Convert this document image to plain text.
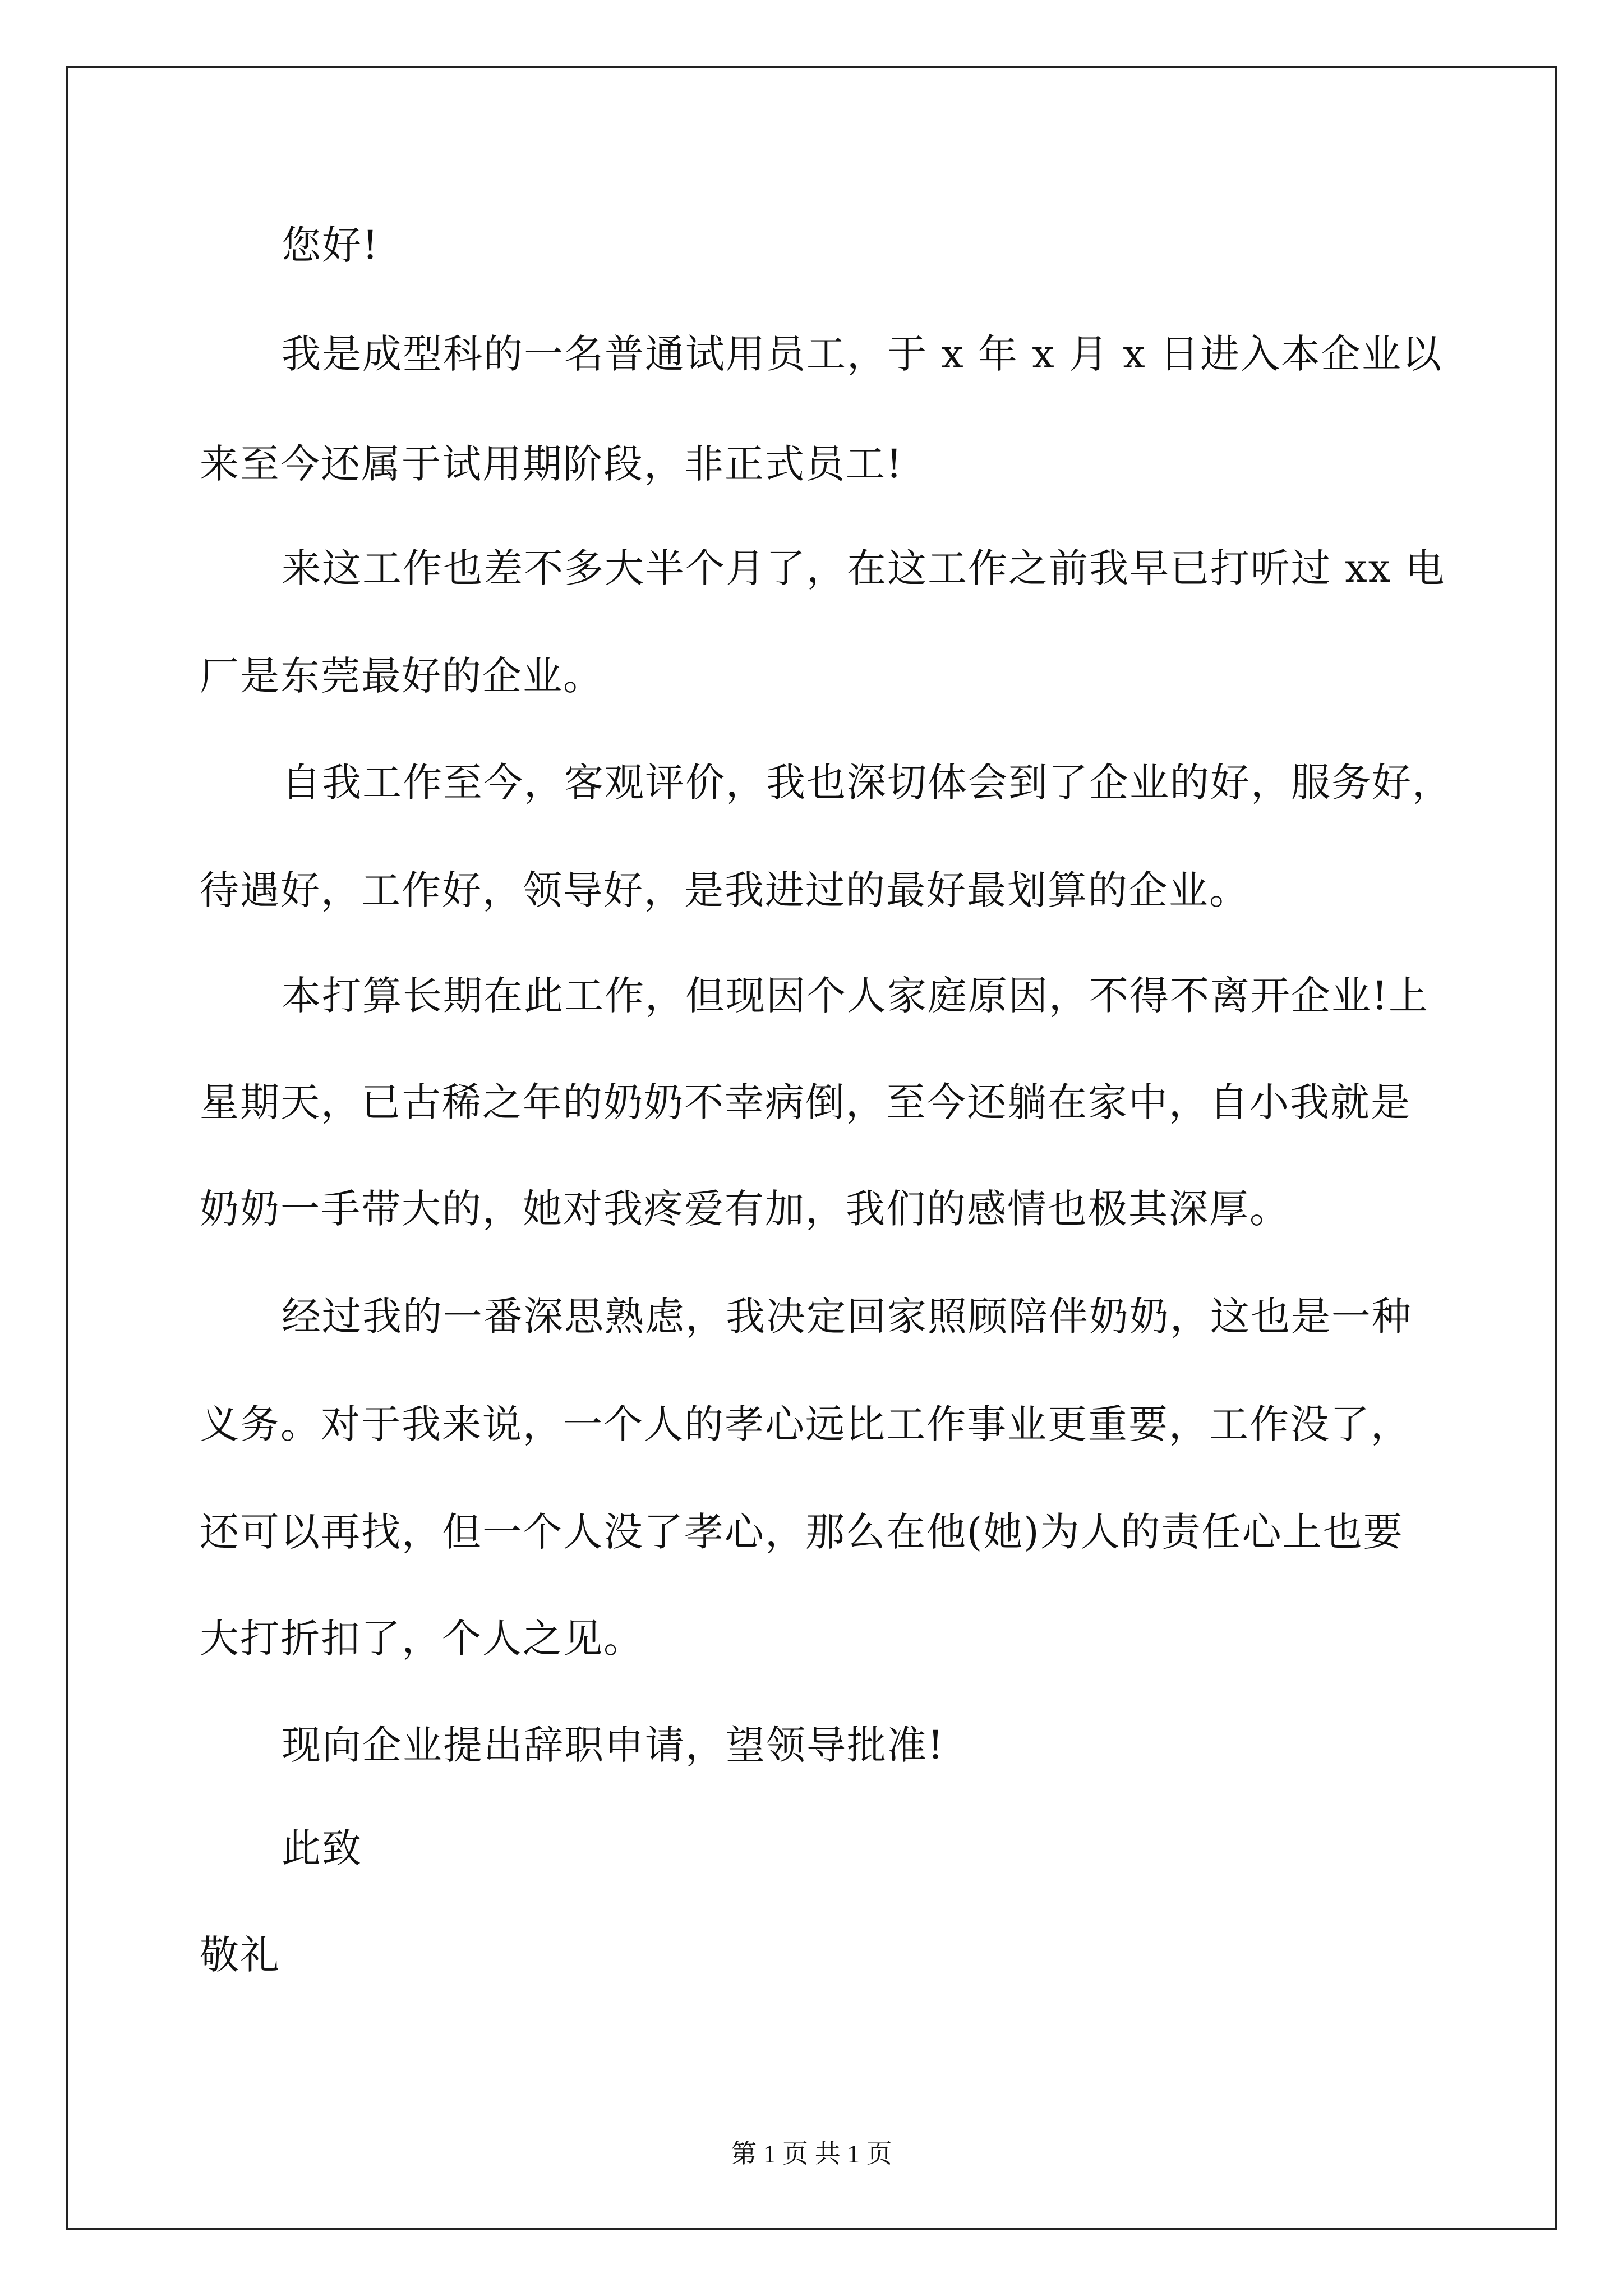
您好!

我是成型科的一名普通试用员工，于 x 年 x 月 x 日进入本企业以

来至今还属于试用期阶段，非正式员工!

来这工作也差不多大半个月了，在这工作之前我早已打听过 xx 电

厂是东莞最好的企业。

自我工作至今，客观评价，我也深切体会到了企业的好，服务好，

待遇好，工作好，领导好，是我进过的最好最划算的企业。

本打算长期在此工作，但现因个人家庭原因，不得不离开企业!上

星期天，已古稀之年的奶奶不幸病倒，至今还躺在家中，自小我就是

奶奶一手带大的，她对我疼爱有加，我们的感情也极其深厚。

经过我的一番深思熟虑，我决定回家照顾陪伴奶奶，这也是一种

义务。对于我来说，一个人的孝心远比工作事业更重要，工作没了，

还可以再找，但一个人没了孝心，那么在他(她)为人的责任心上也要

大打折扣了，个人之见。

现向企业提出辞职申请，望领导批准!

此致

敬礼

第 1 页 共 1 页
